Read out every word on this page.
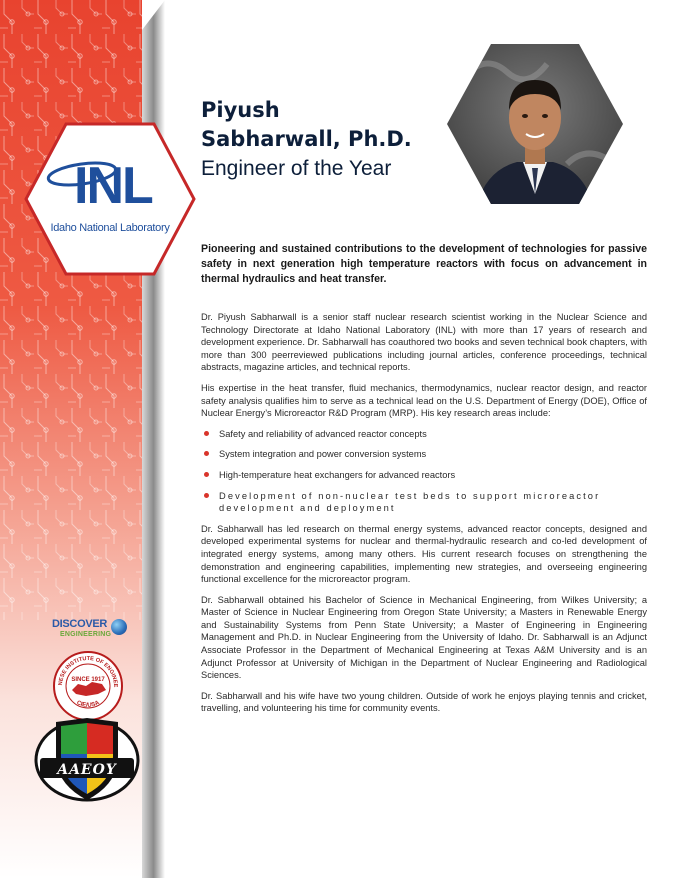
INL
Idaho National Laboratory
Piyush
Sabharwall, Ph.D.
Engineer of the Year

Pioneering and sustained contributions to the development of technologies for passive safety in next generation high temperature reactors with focus on advancement in thermal hydraulics and heat transfer.

Dr. Piyush Sabharwall is a senior staff nuclear research scientist working in the Nuclear Science and Technology Directorate at Idaho National Laboratory (INL) with more than 17 years of research and development experience. Dr. Sabharwall has coauthored two books and seven technical book chapters, with more than 300 peerreviewed publications including journal articles, conference proceedings, technical abstracts, magazine articles, and technical reports.

His expertise in the heat transfer, fluid mechanics, thermodynamics, nuclear reactor design, and reactor safety analysis qualifies him to serve as a technical lead on the U.S. Department of Energy (DOE), Office of Nuclear Energy’s Microreactor R&D Program (MRP). His key research areas include:

Safety and reliability of advanced reactor concepts
System integration and power conversion systems
High-temperature heat exchangers for advanced reactors
Development of non-nuclear test beds to support microreactor development and deployment

Dr. Sabharwall has led research on thermal energy systems, advanced reactor concepts, designed and developed experimental systems for nuclear and thermal-hydraulic research and co-led development of integrated energy systems, among many others. His current research focuses on strengthening the demonstration and engineering capabilities, implementing new strategies, and overseeing engineering functional excellence for the microreactor program.

Dr. Sabharwall obtained his Bachelor of Science in Mechanical Engineering, from Wilkes University; a Master of Science in Nuclear Engineering from Oregon State University; a Masters in Renewable Energy and Sustainability Systems from Penn State University; a Master of Engineering in Engineering Management and Ph.D. in Nuclear Engineering from the University of Idaho. Dr. Sabharwall is an Adjunct Associate Professor in the Department of Mechanical Engineering at Texas A&M University and is an Adjunct Professor at University of Michigan in the Department of Nuclear Engineering and Radiological Sciences.

Dr. Sabharwall and his wife have two young children. Outside of work he enjoys playing tennis and cricket, travelling, and volunteering his time for community events.

DISCOVER
ENGINEERING
NESE INSTITUTE OF ENGINEE
CIE/USA
SINCE 1917
AAEOY
